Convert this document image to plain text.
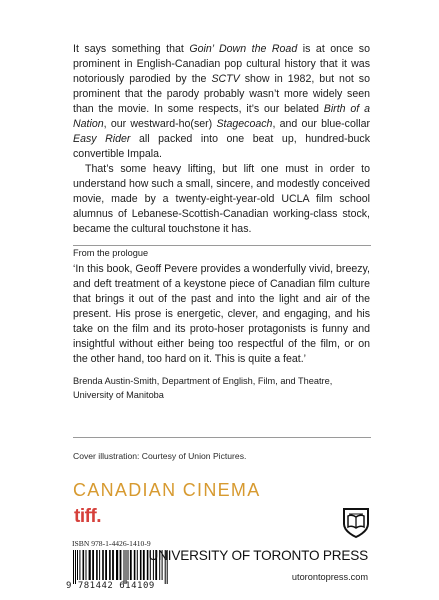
It says something that Goin’ Down the Road is at once so prominent in English-Canadian pop cultural history that it was notoriously parodied by the SCTV show in 1982, but not so prominent that the parody probably wasn’t more widely seen than the movie. In some respects, it’s our belated Birth of a Nation, our westward-ho(ser) Stagecoach, and our blue-collar Easy Rider all packed into one beat up, hundred-buck convertible Impala.

That’s some heavy lifting, but lift one must in order to understand how such a small, sincere, and modestly conceived movie, made by a twenty-eight-year-old UCLA film school alumnus of Lebanese-Scottish-Canadian working-class stock, became the cultural touchstone it has.

From the prologue

‘In this book, Geoff Pevere provides a wonderfully vivid, breezy, and deft treatment of a keystone piece of Canadian film culture that brings it out of the past and into the light and air of the present. His prose is energetic, clever, and engaging, and his take on the film and its proto-hoser protagonists is funny and insightful without either being too respectful of the film, or on the other hand, too hard on it. This is quite a feat.’

Brenda Austin-Smith, Department of English, Film, and Theatre,
University of Manitoba
Cover illustration: Courtesy of Union Pictures.
CANADIAN CINEMA
tiff.
ISBN 978-1-4426-1410-9
9 781442 614109
UNIVERSITY OF TORONTO PRESS
utorontopress.com
